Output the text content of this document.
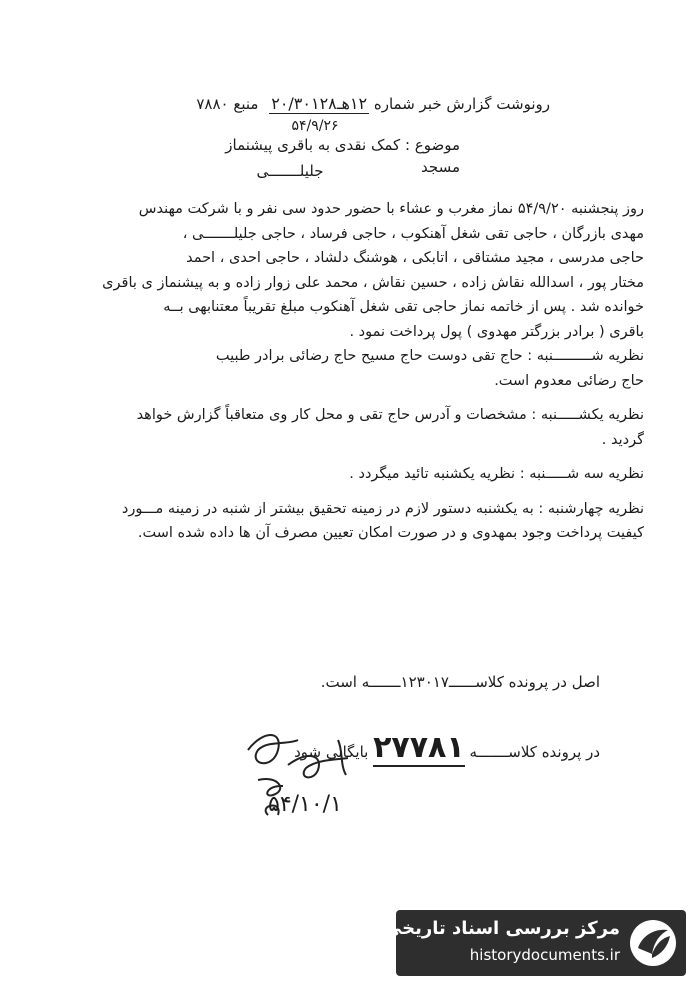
رونوشت گزارش خبر شماره ۱۲هـ۲۰/۳۰۱۲۸ منبع ۷۸۸۰
۵۴/۹/۲۶
موضوع : کمک نقدی به باقری پیشنماز مسجد
جلیلـــــــی
روز پنجشنبه ۵۴/۹/۲۰ نماز مغرب و عشاء با حضور حدود سی نفر و با شرکت مهندس
مهدی بازرگان ، حاجی تقی شغل آهنکوب ، حاجی فرساد ، حاجی جلیلـــــــی ،
حاجی مدرسی ، مجید مشتاقی ، اتابکی ، هوشنگ دلشاد ، حاجی احدی ، احمد
مختار پور ، اسدالله نقاش زاده ، حسین نقاش ، محمد علی زوار زاده و به پیشنماز ی باقری
خوانده شد . پس از خاتمه نماز حاجی تقی شغل آهنکوب مبلغ تقریباً معتنابهی بــه
باقری ( برادر بزرگتر مهدوی ) پول پرداخت نمود .
نظریه شـــــــــنبه : حاج تقی دوست حاج مسیح حاج رضائی برادر طبیب
حاج رضائی معدوم است.
نظریه یکشـــــنبه : مشخصات و آدرس حاج تقی و محل کار وی متعاقباً گزارش خواهد
گردید .
نظریه سه شـــــنبه : نظریه یکشنبه تائید میگردد .
نظریه چهارشنبه : به یکشنبه دستور لازم در زمینه تحقیق بیشتر از شنبه در زمینه مـــورد
کیفیت پرداخت وجود بمهدوی و در صورت امکان تعیین مصرف آن ها داده شده است.
اصل در پرونده کلاســــــ۱۲۳۰۱۷ـــــــه است.
در پرونده کلاســـــــه ۲۷۷۸۱ بایگانی شود
۵۴/۱۰/۱
مرکز بررسی اسناد تاریخی
historydocuments.ir
